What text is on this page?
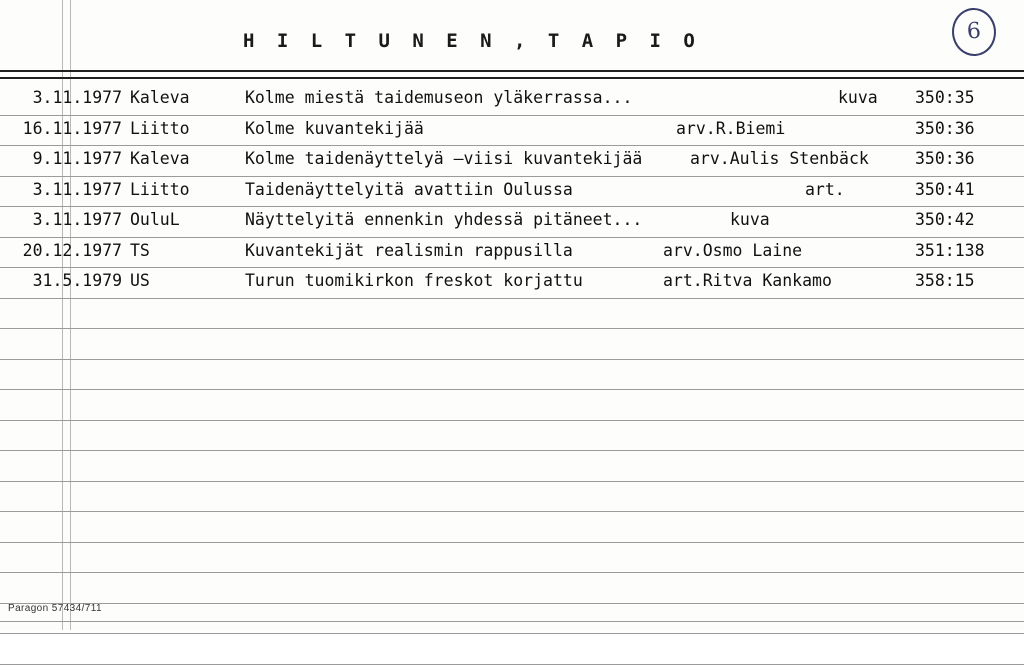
H I L T U N E N , T A P I O	6
3.11.1977 Kaleva	Kolme miestä taidemuseon yläkerrassa...	kuva 350:35
16.11.1977 Liitto	Kolme kuvantekijää	arv.R.Biemi	350:36
9.11.1977 Kaleva	Kolme taidenäyttelyä –viisi kuvantekijää	arv.Aulis Stenbäck	350:36
3.11.1977 Liitto	Taidenäyttelyitä avattiin Oulussa	art.	350:41
3.11.1977 OuluL	Näyttelyitä ennenkin yhdessä pitäneet...	kuva	350:42
20.12.1977 TS	Kuvantekijät realismin rappusilla	arv.Osmo Laine	351:138
31.5.1979 US	Turun tuomikirkon freskot korjattu	art.Ritva Kankamo	358:15
Paragon 57434/711
